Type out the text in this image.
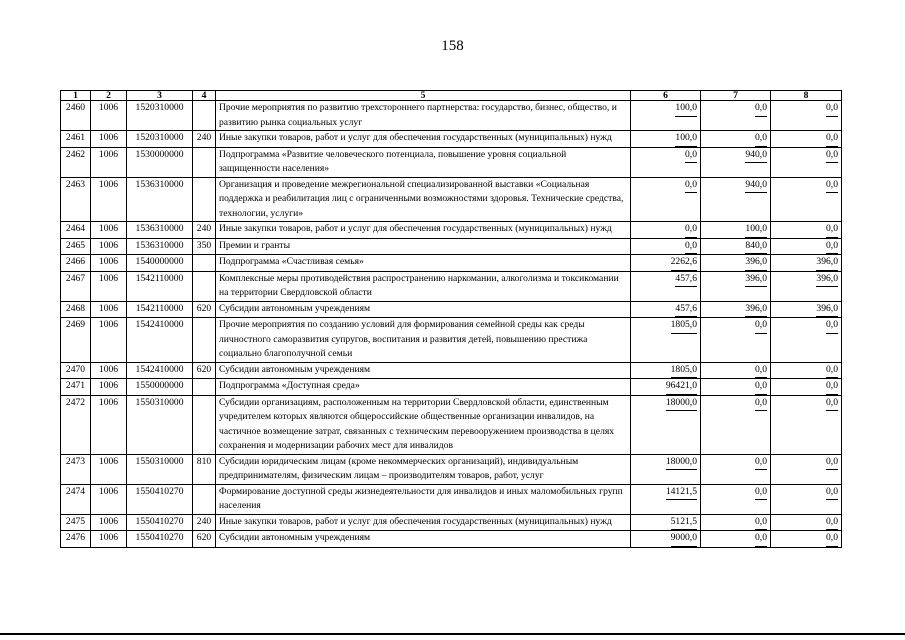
158
1	2	3	4	5	6	7	8
2460	1006	1520310000		Прочие мероприятия по развитию трехстороннего партнерства: государство, бизнес, общество, и развитию рынка социальных услуг	100,0	0,0	0,0
2461	1006	1520310000	240	Иные закупки товаров, работ и услуг для обеспечения государственных (муниципальных) нужд	100,0	0,0	0,0
2462	1006	1530000000		Подпрограмма «Развитие человеческого потенциала, повышение уровня социальной защищенности населения»	0,0	940,0	0,0
2463	1006	1536310000		Организация и проведение межрегиональной специализированной выставки «Социальная поддержка и реабилитация лиц с ограниченными возможностями здоровья. Технические средства, технологии, услуги»	0,0	940,0	0,0
2464	1006	1536310000	240	Иные закупки товаров, работ и услуг для обеспечения государственных (муниципальных) нужд	0,0	100,0	0,0
2465	1006	1536310000	350	Премии и гранты	0,0	840,0	0,0
2466	1006	1540000000		Подпрограмма «Счастливая семья»	2262,6	396,0	396,0
2467	1006	1542110000		Комплексные меры противодействия распространению наркомании, алкоголизма и токсикомании на территории Свердловской области	457,6	396,0	396,0
2468	1006	1542110000	620	Субсидии автономным учреждениям	457,6	396,0	396,0
2469	1006	1542410000		Прочие мероприятия по созданию условий для формирования семейной среды как среды личностного саморазвития супругов, воспитания и развития детей, повышению престижа социально благополучной семьи	1805,0	0,0	0,0
2470	1006	1542410000	620	Субсидии автономным учреждениям	1805,0	0,0	0,0
2471	1006	1550000000		Подпрограмма «Доступная среда»	96421,0	0,0	0,0
2472	1006	1550310000		Субсидии организациям, расположенным на территории Свердловской области, единственным учредителем которых являются общероссийские общественные организации инвалидов, на частичное возмещение затрат, связанных с техническим перевооружением производства в целях сохранения и модернизации рабочих мест для инвалидов	18000,0	0,0	0,0
2473	1006	1550310000	810	Субсидии юридическим лицам (кроме некоммерческих организаций), индивидуальным предпринимателям, физическим лицам – производителям товаров, работ, услуг	18000,0	0,0	0,0
2474	1006	1550410270		Формирование доступной среды жизнедеятельности для инвалидов и иных маломобильных групп населения	14121,5	0,0	0,0
2475	1006	1550410270	240	Иные закупки товаров, работ и услуг для обеспечения государственных (муниципальных) нужд	5121,5	0,0	0,0
2476	1006	1550410270	620	Субсидии автономным учреждениям	9000,0	0,0	0,0
